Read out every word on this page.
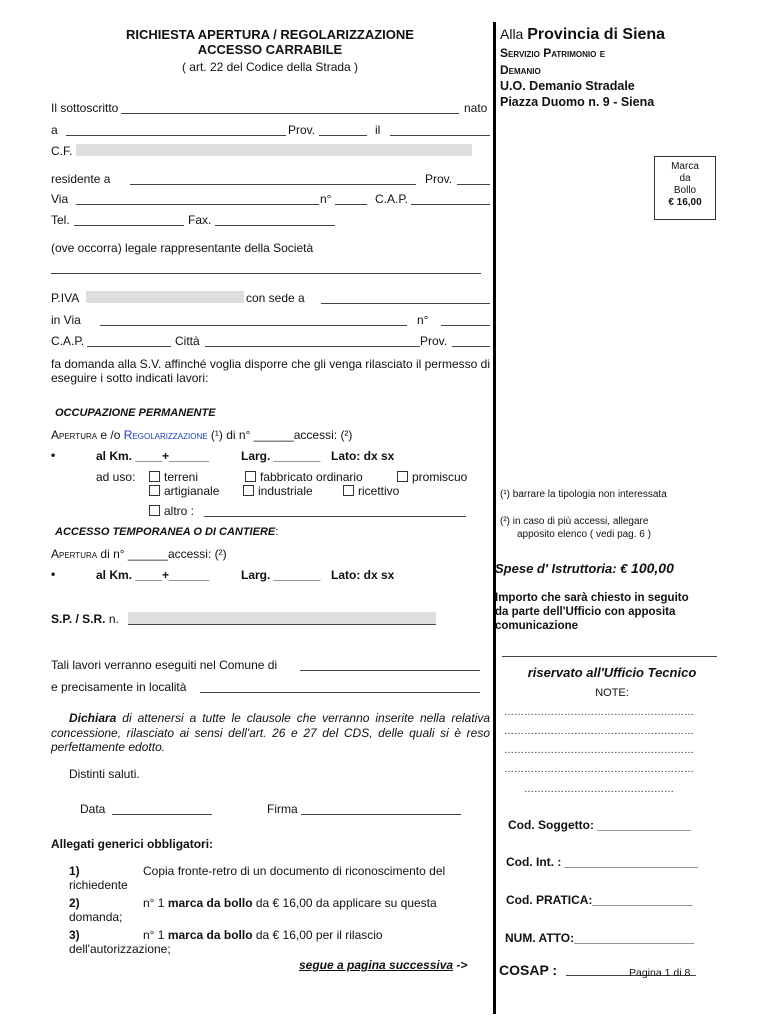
RICHIESTA APERTURA / REGOLARIZZAZIONE
ACCESSO CARRABILE
( art. 22 del Codice della Strada )
Alla Provincia di Siena
Servizio Patrimonio e
Demanio
U.O. Demanio Stradale
Piazza Duomo n. 9 - Siena
Marca
da
Bollo
€ 16,00
Il sottoscritto	nato
a	Prov.	il
C.F.
residente a	Prov.
Via	n°	C.A.P.
Tel.	Fax.
(ove occorra) legale rappresentante della Società
P.IVA	con sede a
in Via	n°
C.A.P.	Città	Prov.
fa domanda alla S.V. affinché voglia disporre che gli venga rilasciato il permesso di eseguire i sotto indicati lavori:
OCCUPAZIONE PERMANENTE
Apertura e /o Regolarizzazione (¹) di n° ______accessi: (²)
•	al Km. ____+______	Larg. _______ Lato: dx sx
ad uso:	terreni	fabbricato ordinario	promiscuo
artigianale	industriale	ricettivo
altro :
ACCESSO TEMPORANEA O DI CANTIERE:
Apertura di n° ______accessi: (²)
•	al Km. ____+______	Larg. _______ Lato: dx sx
S.P. / S.R. n.
Tali lavori verranno eseguiti nel Comune di
e precisamente in località
Dichiara di attenersi a tutte le clausole che verranno inserite nella relativa concessione, rilasciato ai sensi dell'art. 26 e 27 del CDS, delle quali si è reso perfettamente edotto.
Distinti saluti.
Data	Firma
Allegati generici obbligatori:
1)	Copia fronte-retro di un documento di riconoscimento del
richiedente
2)	n° 1 marca da bollo da € 16,00 da applicare su questa
domanda;
3)	n° 1 marca da bollo da € 16,00 per il rilascio
dell'autorizzazione;
segue a pagina successiva ->
(¹) barrare la tipologia non interessata
(²) in caso di più accessi, allegare
apposito elenco ( vedi pag. 6 )
Spese d' Istruttoria: € 100,00
Importo che sarà chiesto in seguito
da parte dell'Ufficio con apposita
comunicazione
riservato all'Ufficio Tecnico
NOTE:
…………………………………………………
…………………………………………………
…………………………………………………
…………………………………………………
………………………………………
Cod. Soggetto: ______________
Cod. Int. : ____________________
Cod. PRATICA:_______________
NUM. ATTO:__________________
COSAP :	Pagina 1 di 8
